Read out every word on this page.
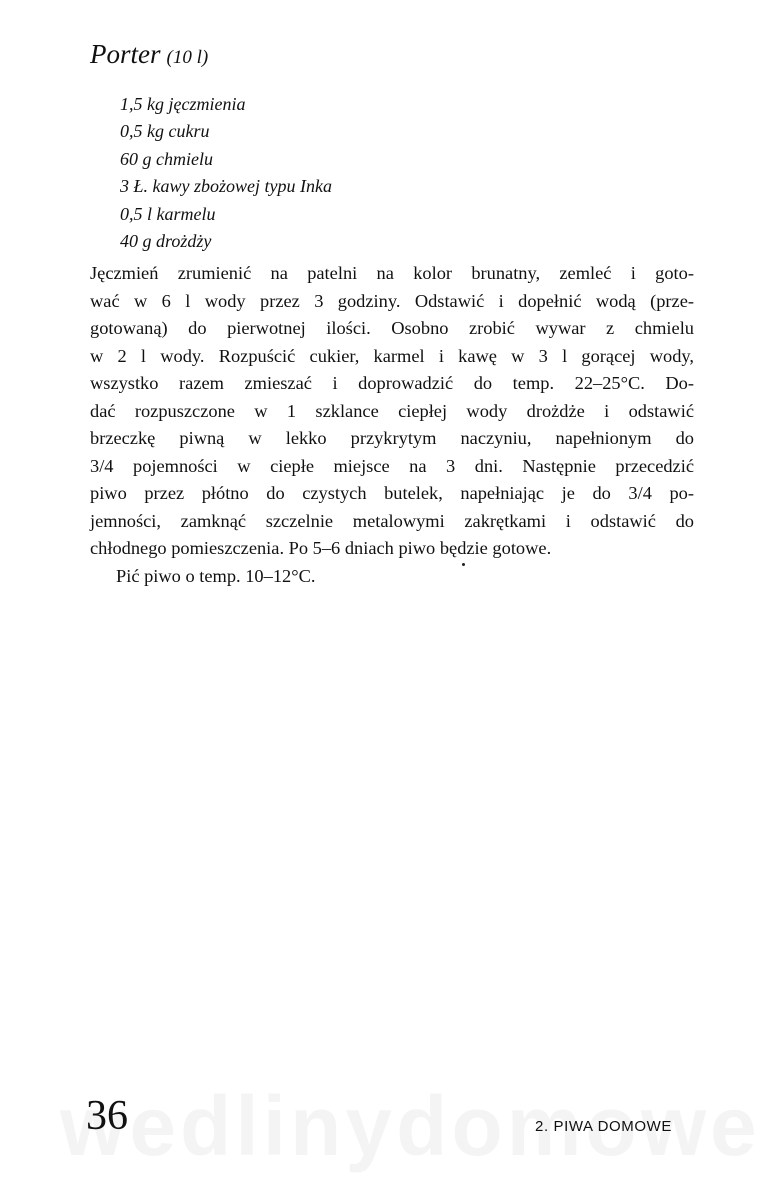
Porter (10 l)
1,5 kg jęczmienia
0,5 kg cukru
60 g chmielu
3 Ł. kawy zbożowej typu Inka
0,5 l karmelu
40 g drożdży
Jęczmień zrumienić na patelni na kolor brunatny, zemleć i goto-
wać w 6 l wody przez 3 godziny. Odstawić i dopełnić wodą (prze-
gotowaną) do pierwotnej ilości. Osobno zrobić wywar z chmielu
w 2 l wody. Rozpuścić cukier, karmel i kawę w 3 l gorącej wody,
wszystko razem zmieszać i doprowadzić do temp. 22–25°C. Do-
dać rozpuszczone w 1 szklance ciepłej wody drożdże i odstawić
brzeczkę piwną w lekko przykrytym naczyniu, napełnionym do
3/4 pojemności w ciepłe miejsce na 3 dni. Następnie przecedzić
piwo przez płótno do czystych butelek, napełniając je do 3/4 po-
jemności, zamknąć szczelnie metalowymi zakrętkami i odstawić do
chłodnego pomieszczenia. Po 5–6 dniach piwo będzie gotowe.
Pić piwo o temp. 10–12°C.
36	2. PIWA DOMOWE
